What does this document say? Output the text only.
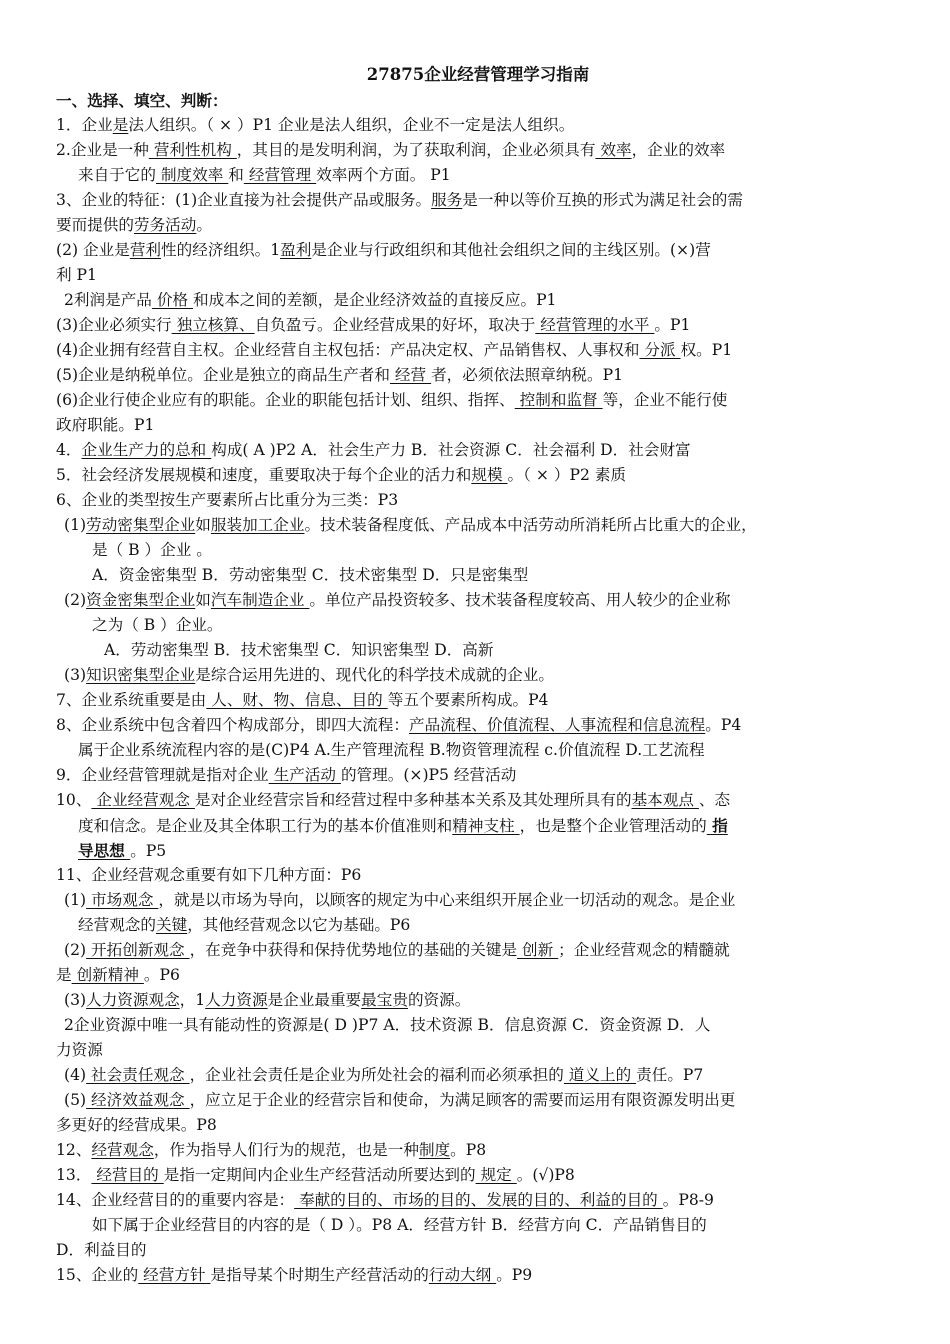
27875企业经营管理学习指南
一、选择、填空、判断：
1．企业是法人组织。（ × ）P1 企业是法人组织，企业不一定是法人组织。
2.企业是一种 营利性机构 ，其目的是发明利润，为了获取利润，企业必须具有 效率，企业的效率
来自于它的 制度效率 和 经营管理 效率两个方面。 P1
3、企业的特征：(1)企业直接为社会提供产品或服务。服务是一种以等价互换的形式为满足社会的需
要而提供的劳务活动。
(2) 企业是营利性的经济组织。1盈利是企业与行政组织和其他社会组织之间的主线区别。(×)营
利 P1
2利润是产品 价格 和成本之间的差额，是企业经济效益的直接反应。P1
(3)企业必须实行 独立核算、自负盈亏。企业经营成果的好坏，取决于 经营管理的水平 。P1
(4)企业拥有经营自主权。企业经营自主权包括：产品决定权、产品销售权、人事权和 分派 权。P1
(5)企业是纳税单位。企业是独立的商品生产者和 经营 者，必须依法照章纳税。P1
(6)企业行使企业应有的职能。企业的职能包括计划、组织、指挥、 控制和监督 等，企业不能行使
政府职能。P1
4．企业生产力的总和 构成( A )P2 A．社会生产力 B．社会资源 C．社会福利 D．社会财富
5．社会经济发展规模和速度，重要取决于每个企业的活力和规模 。（ × ）P2 素质
6、企业的类型按生产要素所占比重分为三类：P3
(1)劳动密集型企业如服装加工企业。技术装备程度低、产品成本中活劳动所消耗所占比重大的企业，
是（ B ）企业 。
A．资金密集型 B．劳动密集型 C．技术密集型 D．只是密集型
(2)资金密集型企业如汽车制造企业 。单位产品投资较多、技术装备程度较高、用人较少的企业称
之为（ B ）企业。
A．劳动密集型 B．技术密集型 C．知识密集型 D．高新
(3)知识密集型企业是综合运用先进的、现代化的科学技术成就的企业。
7、企业系统重要是由 人、财、物、信息、目的 等五个要素所构成。P4
8、企业系统中包含着四个构成部分，即四大流程：产品流程、价值流程、人事流程和信息流程。P4
属于企业系统流程内容的是(C)P4 A.生产管理流程 B.物资管理流程 c.价值流程 D.工艺流程
9．企业经营管理就是指对企业 生产活动 的管理。(×)P5 经营活动
10、 企业经营观念 是对企业经营宗旨和经营过程中多种基本关系及其处理所具有的基本观点 、态
度和信念。是企业及其全体职工行为的基本价值准则和精神支柱 ，也是整个企业管理活动的 指
导思想 。P5
11、企业经营观念重要有如下几种方面：P6
(1) 市场观念 ，就是以市场为导向，以顾客的规定为中心来组织开展企业一切活动的观念。是企业
经营观念的关键，其他经营观念以它为基础。P6
(2) 开拓创新观念 ，在竞争中获得和保持优势地位的基础的关键是 创新 ；企业经营观念的精髓就
是 创新精神 。P6
(3)人力资源观念，1人力资源是企业最重要最宝贵的资源。
2企业资源中唯一具有能动性的资源是( D )P7 A．技术资源 B．信息资源 C．资金资源 D．人
力资源
(4) 社会责任观念 ，企业社会责任是企业为所处社会的福利而必须承担的 道义上的 责任。P7
(5) 经济效益观念 ，应立足于企业的经营宗旨和使命，为满足顾客的需要而运用有限资源发明出更
多更好的经营成果。P8
12、经营观念，作为指导人们行为的规范，也是一种制度。P8
13． 经营目的 是指一定期间内企业生产经营活动所要达到的 规定 。(√)P8
14、企业经营目的的重要内容是： 奉献的目的、市场的目的、发展的目的、利益的目的 。P8-9
如下属于企业经营目的内容的是（ D ）。P8 A．经营方针 B．经营方向 C．产品销售目的
D．利益目的
15、企业的 经营方针 是指导某个时期生产经营活动的行动大纲 。P9
